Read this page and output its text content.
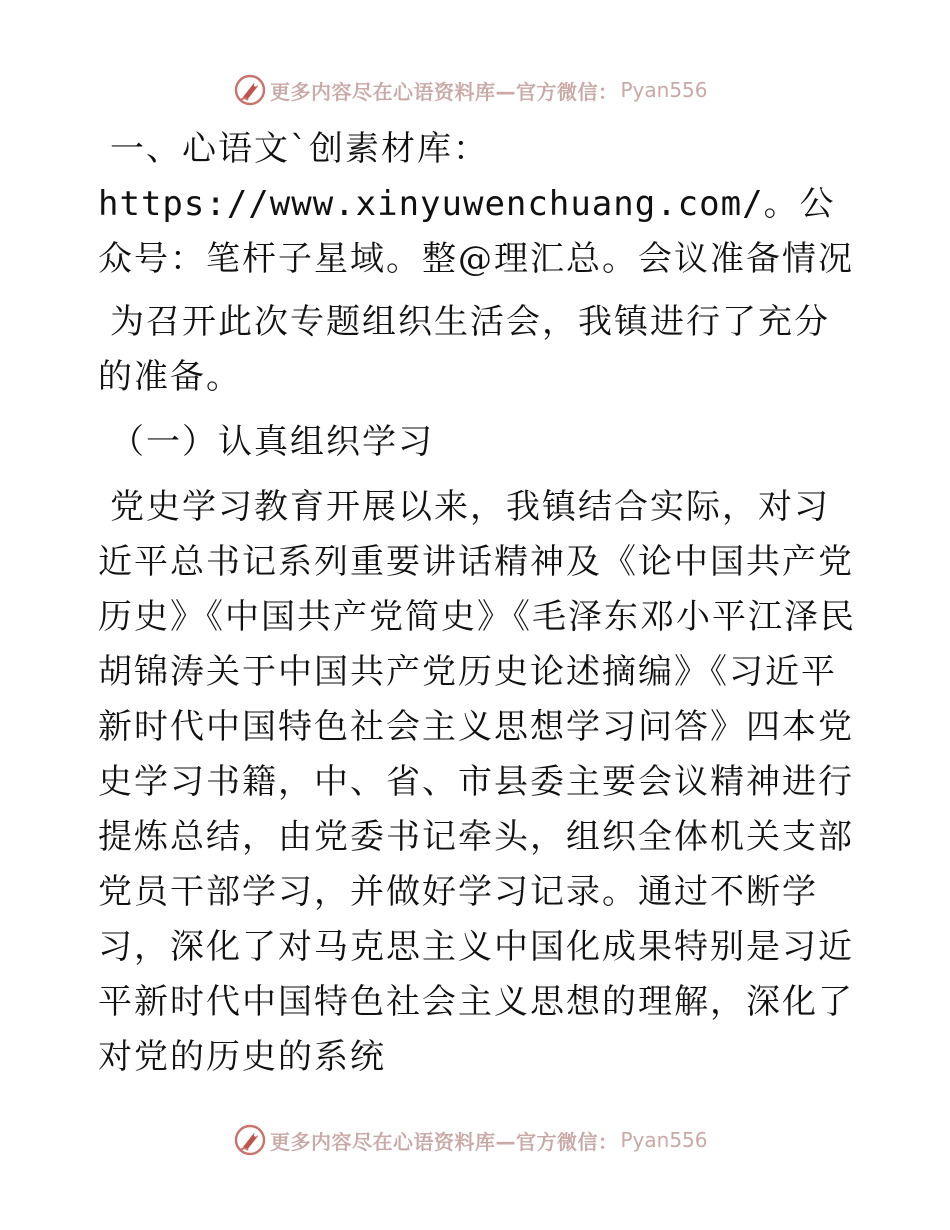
更多内容尽在心语资料库—官方微信： Pyan556

一、心语文`创素材库：https://www.xinyuwenchuang.com/。公众号：笔杆子星域。整@理汇总。会议准备情况

为召开此次专题组织生活会，我镇进行了充分的准备。

（一）认真组织学习

党史学习教育开展以来，我镇结合实际，对习近平总书记系列重要讲话精神及《论中国共产党历史》《中国共产党简史》《毛泽东邓小平江泽民胡锦涛关于中国共产党历史论述摘编》《习近平新时代中国特色社会主义思想学习问答》四本党史学习书籍，中、省、市县委主要会议精神进行提炼总结，由党委书记牵头，组织全体机关支部党员干部学习，并做好学习记录。通过不断学习，深化了对马克思主义中国化成果特别是习近平新时代中国特色社会主义思想的理解，深化了对党的历史的系统

更多内容尽在心语资料库—官方微信： Pyan556
